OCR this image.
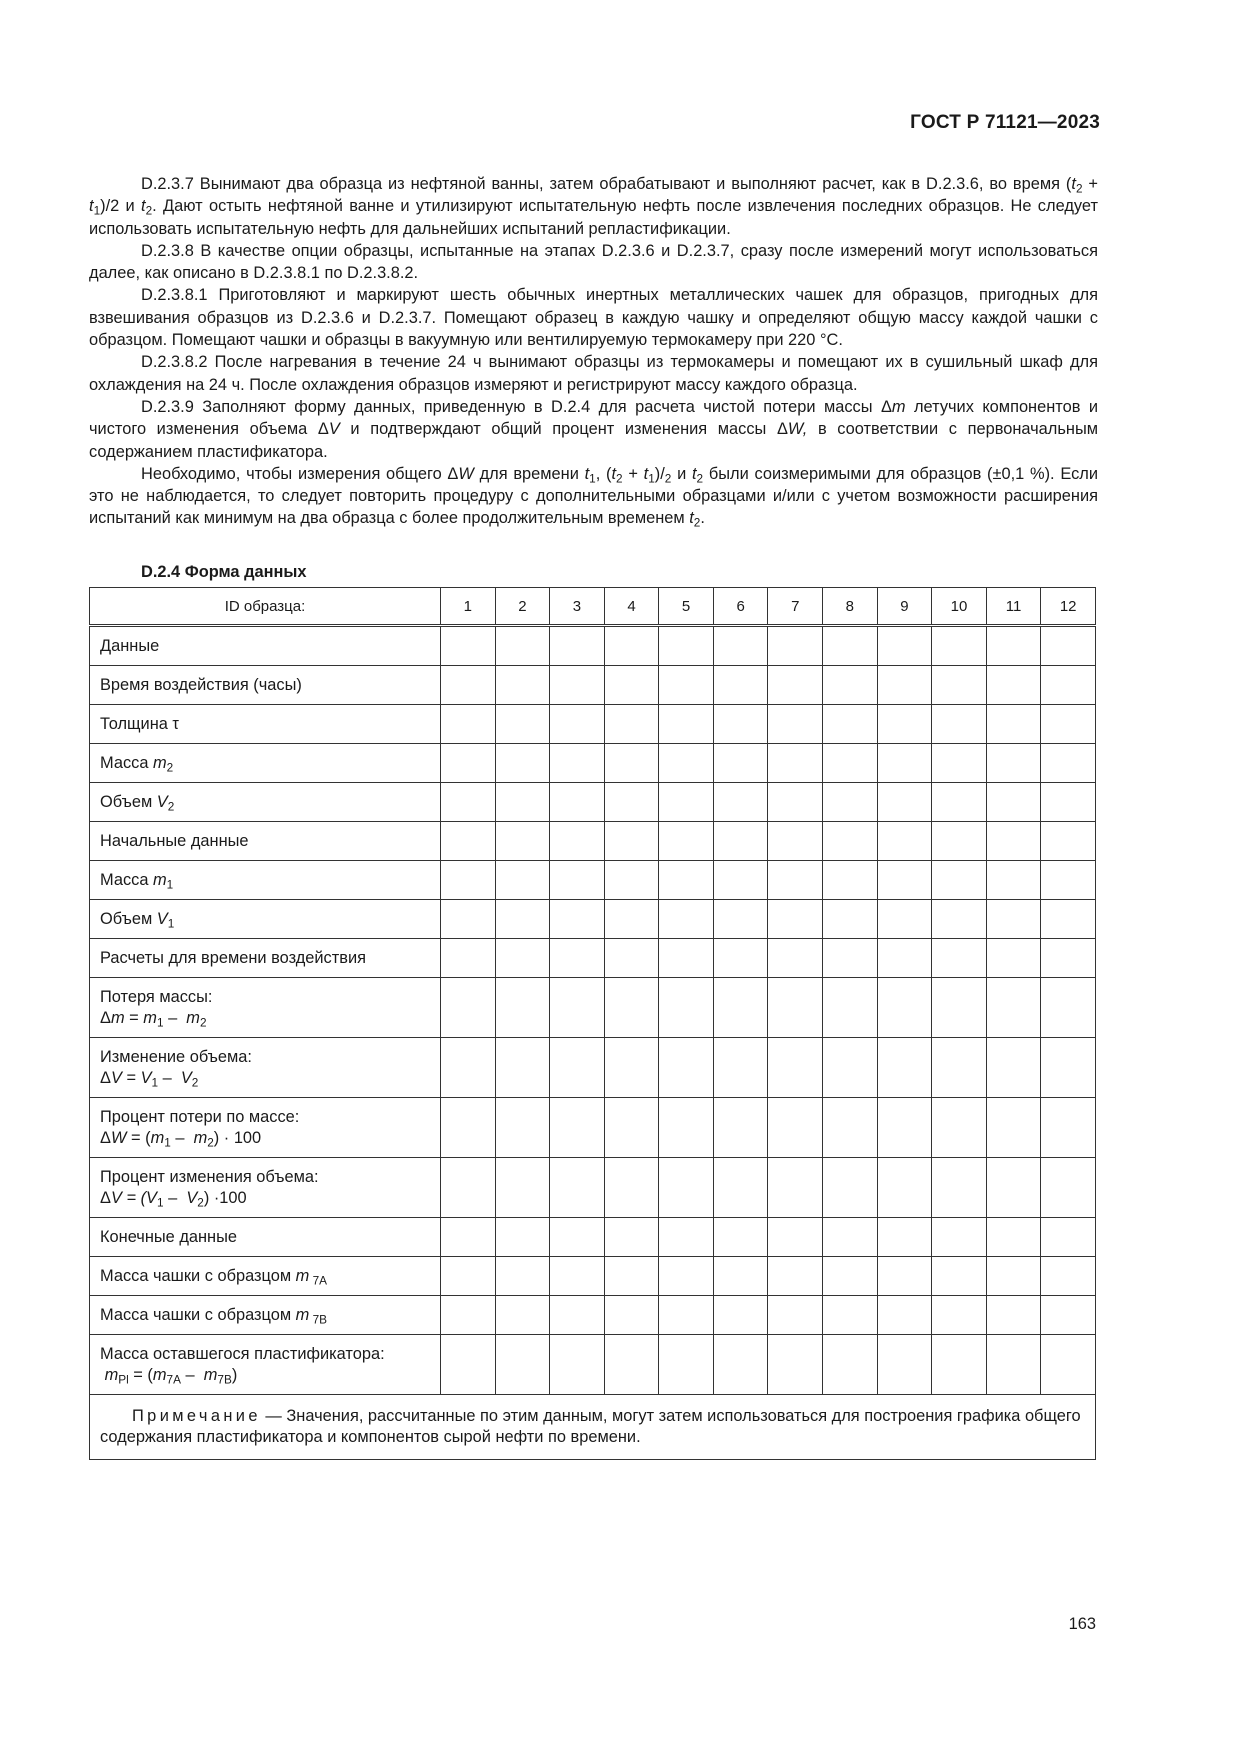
ГОСТ Р 71121—2023

D.2.3.7 Вынимают два образца из нефтяной ванны, затем обрабатывают и выполняют расчет, как в D.2.3.6, во время $(t_2 + t_1)/2$ и $t_2$. Дают остыть нефтяной ванне и утилизируют испытательную нефть после извлечения последних образцов. Не следует использовать испытательную нефть для дальнейших испытаний репластификации.

D.2.3.8 В качестве опции образцы, испытанные на этапах D.2.3.6 и D.2.3.7, сразу после измерений могут использоваться далее, как описано в D.2.3.8.1 по D.2.3.8.2.

D.2.3.8.1 Приготовляют и маркируют шесть обычных инертных металлических чашек для образцов, пригодных для взвешивания образцов из D.2.3.6 и D.2.3.7. Помещают образец в каждую чашку и определяют общую массу каждой чашки с образцом. Помещают чашки и образцы в вакуумную или вентилируемую термокамеру при 220 °С.

D.2.3.8.2 После нагревания в течение 24 ч вынимают образцы из термокамеры и помещают их в сушильный шкаф для охлаждения на 24 ч. После охлаждения образцов измеряют и регистрируют массу каждого образца.

D.2.3.9 Заполняют форму данных, приведенную в D.2.4 для расчета чистой потери массы Δm летучих компонентов и чистого изменения объема ΔV и подтверждают общий процент изменения массы ΔW, в соответствии с первоначальным содержанием пластификатора.

Необходимо, чтобы измерения общего ΔW для времени $t_1$, $(t_2 + t_1)/_2$ и $t_2$ были соизмеримыми для образцов (±0,1 %). Если это не наблюдается, то следует повторить процедуру с дополнительными образцами и/или с учетом возможности расширения испытаний как минимум на два образца с более продолжительным временем $t_2$.

D.2.4 Форма данных
ID образца:	1	2	3	4	5	6	7	8	9	10	11	12
Данные												
Время воздействия (часы)												
Толщина τ												
Масса $m_2$												
Объем $V_2$												
Начальные данные												
Масса $m_1$												
Объем $V_1$												
Расчеты для времени воздействия												

Потеря массы:
$\Delta m = m_1 - m_2$

Изменение объема:
$\Delta V = V_1 - V_2$

Процент потери по массе:
$\Delta W = (m_1 - m_2) \cdot 100$												

Процент изменения объема:
$\Delta V = (V_1 - V_2) \cdot 100$												

Конечные данные												
Масса чашки с образцом m $_{7A}$												
Масса чашки с образцом m $_{7B}$												

Масса оставшегося пластификатора:
$m_{Pl} = (m_{7A} - m_{7B})$												

Примечание — Значения, рассчитанные по этим данным, могут затем использоваться для построения графика общего содержания пластификатора и компонентов сырой нефти по времени.												
163
